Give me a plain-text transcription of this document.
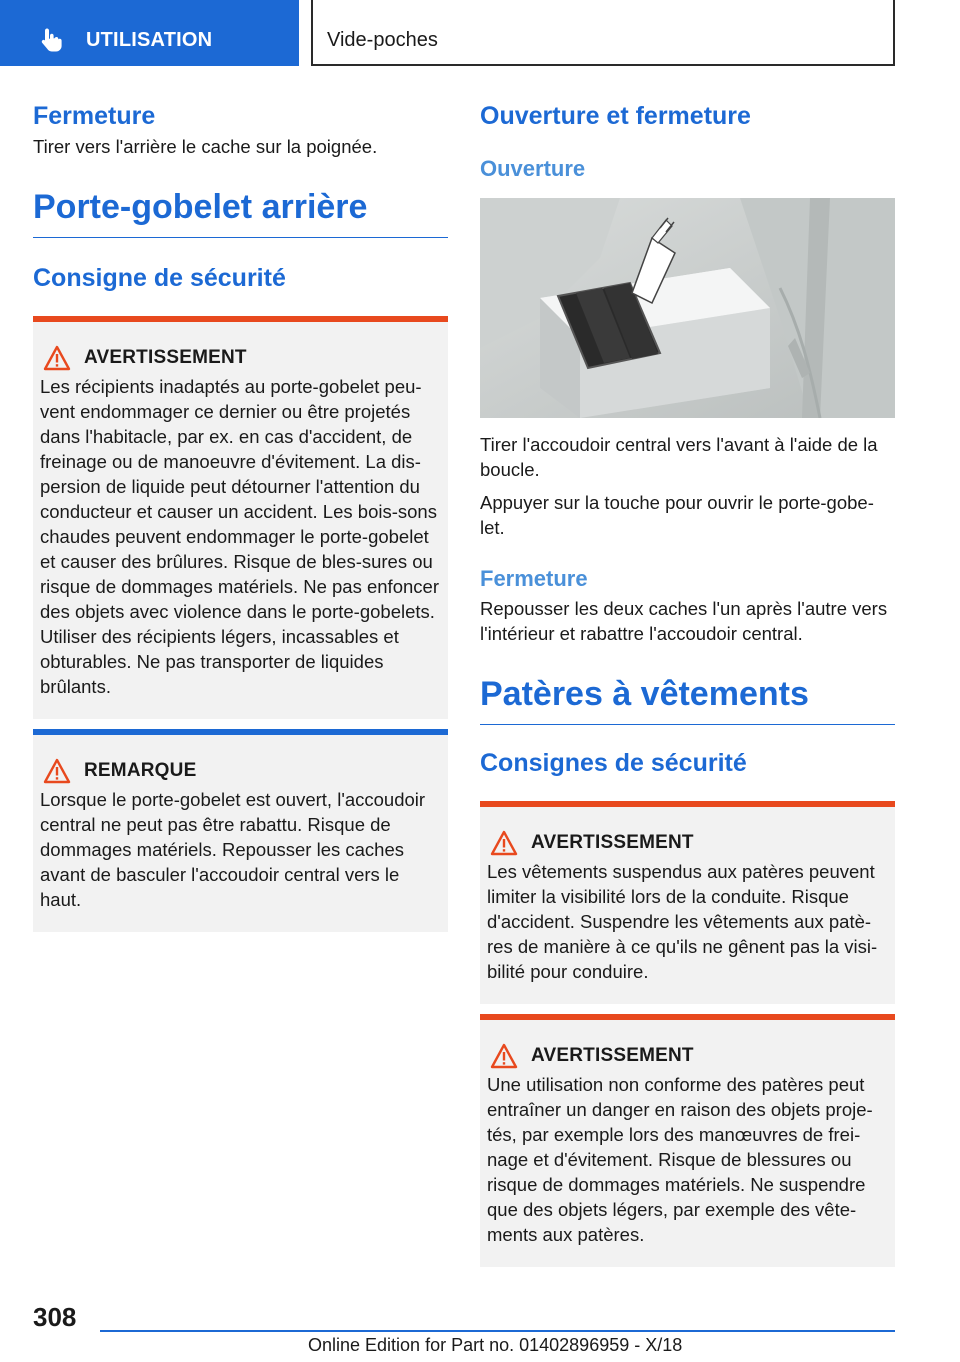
UTILISATION	Vide-poches
Fermeture
Tirer vers l'arrière le cache sur la poignée.
Porte-gobelet arrière
Consigne de sécurité
AVERTISSEMENT
Les récipients inadaptés au porte-gobelet peu-vent endommager ce dernier ou être projetés dans l'habitacle, par ex. en cas d'accident, de freinage ou de manoeuvre d'évitement. La dis-persion de liquide peut détourner l'attention du conducteur et causer un accident. Les bois-sons chaudes peuvent endommager le porte-gobelet et causer des brûlures. Risque de bles-sures ou risque de dommages matériels. Ne pas enfoncer des objets avec violence dans le porte-gobelets. Utiliser des récipients légers, incassables et obturables. Ne pas transporter de liquides brûlants.
REMARQUE
Lorsque le porte-gobelet est ouvert, l'accoudoir central ne peut pas être rabattu. Risque de dommages matériels. Repousser les caches avant de basculer l'accoudoir central vers le haut.
Ouverture et fermeture
Ouverture
Tirer l'accoudoir central vers l'avant à l'aide de la boucle.
Appuyer sur la touche pour ouvrir le porte-gobe-let.
Fermeture
Repousser les deux caches l'un après l'autre vers l'intérieur et rabattre l'accoudoir central.
Patères à vêtements
Consignes de sécurité
AVERTISSEMENT
Les vêtements suspendus aux patères peuvent limiter la visibilité lors de la conduite. Risque d'accident. Suspendre les vêtements aux patè-res de manière à ce qu'ils ne gênent pas la visi-bilité pour conduire.
AVERTISSEMENT
Une utilisation non conforme des patères peut entraîner un danger en raison des objets proje-tés, par exemple lors des manœuvres de frei-nage et d'évitement. Risque de blessures ou risque de dommages matériels. Ne suspendre que des objets légers, par exemple des vête-ments aux patères.
308
Online Edition for Part no. 01402896959 - X/18
